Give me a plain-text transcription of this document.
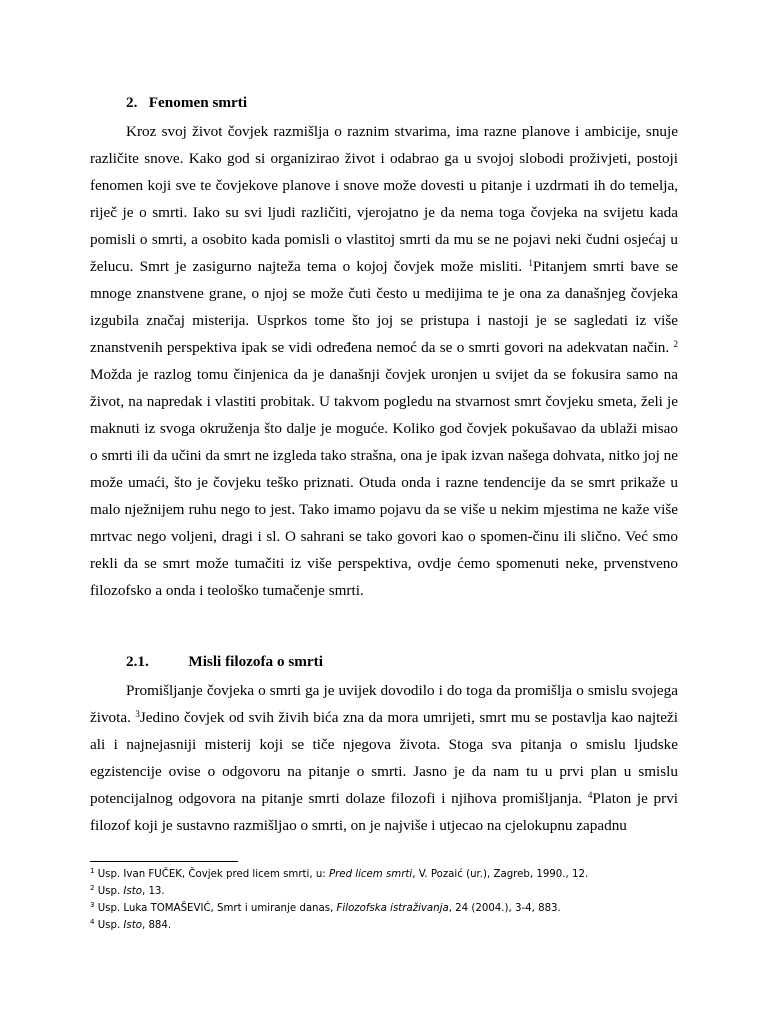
2. Fenomen smrti

Kroz svoj život čovjek razmišlja o raznim stvarima, ima razne planove i ambicije, snuje različite snove. Kako god si organizirao život i odabrao ga u svojoj slobodi proživjeti, postoji fenomen koji sve te čovjekove planove i snove može dovesti u pitanje i uzdrmati ih do temelja, riječ je o smrti. Iako su svi ljudi različiti, vjerojatno je da nema toga čovjeka na svijetu kada pomisli o smrti, a osobito kada pomisli o vlastitoj smrti da mu se ne pojavi neki čudni osjećaj u želucu. Smrt je zasigurno najteža tema o kojoj čovjek može misliti. $^1$Pitanjem smrti bave se mnoge znanstvene grane, o njoj se može čuti često u medijima te je ona za današnjeg čovjeka izgubila značaj misterija. Usprkos tome što joj se pristupa i nastoji je se sagledati iz više znanstvenih perspektiva ipak se vidi određena nemoć da se o smrti govori na adekvatan način. $^2$ Možda je razlog tomu činjenica da je današnji čovjek uronjen u svijet da se fokusira samo na život, na napredak i vlastiti probitak. U takvom pogledu na stvarnost smrt čovjeku smeta, želi je maknuti iz svoga okruženja što dalje je moguće. Koliko god čovjek pokušavao da ublaži misao o smrti ili da učini da smrt ne izgleda tako strašna, ona je ipak izvan našega dohvata, nitko joj ne može umaći, što je čovjeku teško priznati. Otuda onda i razne tendencije da se smrt prikaže u malo nježnijem ruhu nego to jest. Tako imamo pojavu da se više u nekim mjestima ne kaže više mrtvac nego voljeni, dragi i sl. O sahrani se tako govori kao o spomen-činu ili slično. Već smo rekli da se smrt može tumačiti iz više perspektiva, ovdje ćemo spomenuti neke, prvenstveno filozofsko a onda i teološko tumačenje smrti.

2.1.	Misli filozofa o smrti

Promišljanje čovjeka o smrti ga je uvijek dovodilo i do toga da promišlja o smislu svojega života. $^3$Jedino čovjek od svih živih bića zna da mora umrijeti, smrt mu se postavlja kao najteži ali i najnejasniji misterij koji se tiče njegova života. Stoga sva pitanja o smislu ljudske egzistencije ovise o odgovoru na pitanje o smrti. Jasno je da nam tu u prvi plan u smislu potencijalnog odgovora na pitanje smrti dolaze filozofi i njihova promišljanja. $^4$Platon je prvi filozof koji je sustavno razmišljao o smrti, on je najviše i utjecao na cjelokupnu zapadnu

$^1$ Usp. Ivan FUČEK, Čovjek pred licem smrti, u: Pred licem smrti, V. Pozaić (ur.), Zagreb, 1990., 12.
$^2$ Usp. Isto, 13.
$^3$ Usp. Luka TOMAŠEVIĆ, Smrt i umiranje danas, Filozofska istraživanja, 24 (2004.), 3-4, 883.
$^4$ Usp. Isto, 884.
